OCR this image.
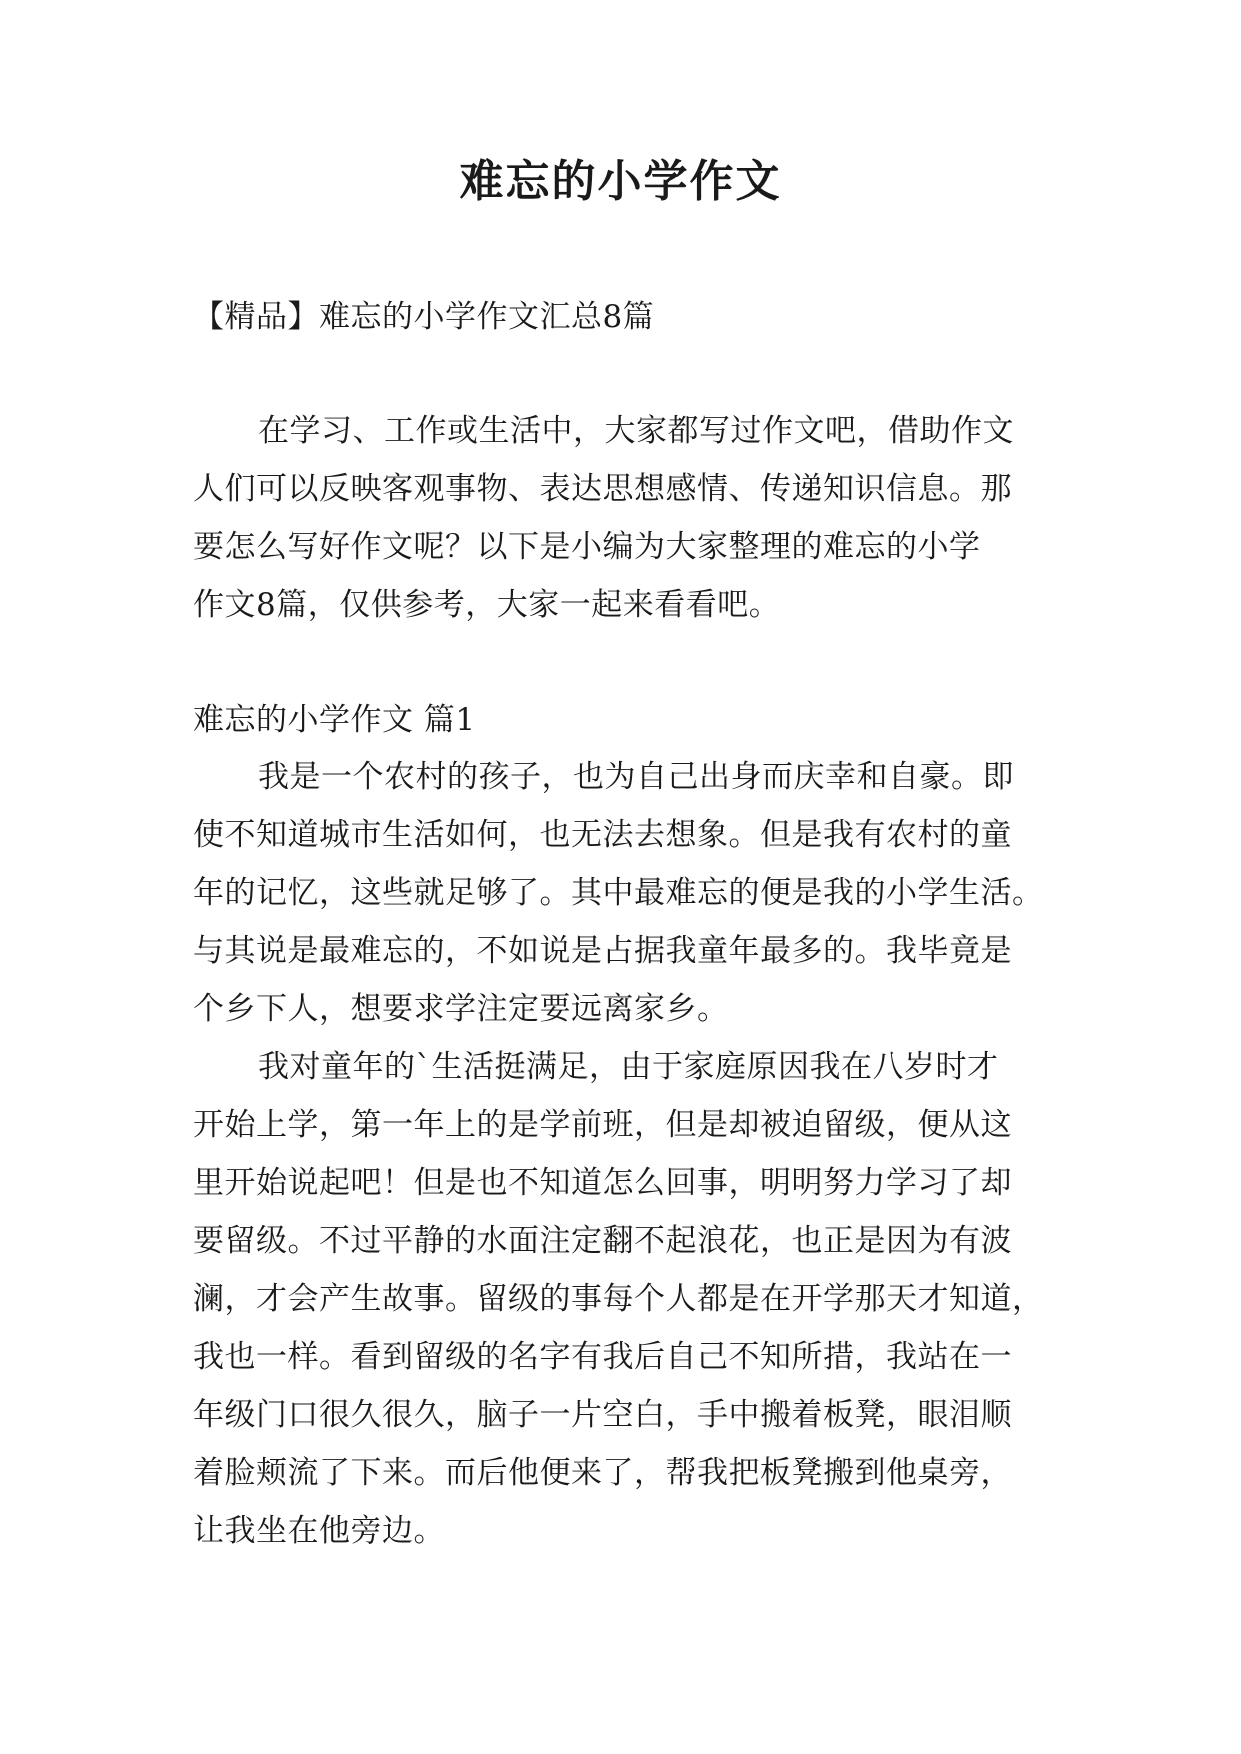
难忘的小学作文

【精品】难忘的小学作文汇总8篇

在学习、工作或生活中，大家都写过作文吧，借助作文

人们可以反映客观事物、表达思想感情、传递知识信息。那

要怎么写好作文呢？以下是小编为大家整理的难忘的小学

作文8篇，仅供参考，大家一起来看看吧。

难忘的小学作文 篇1

我是一个农村的孩子，也为自己出身而庆幸和自豪。即

使不知道城市生活如何，也无法去想象。但是我有农村的童

年的记忆，这些就足够了。其中最难忘的便是我的小学生活。

与其说是最难忘的，不如说是占据我童年最多的。我毕竟是

个乡下人，想要求学注定要远离家乡。

我对童年的`生活挺满足，由于家庭原因我在八岁时才

开始上学，第一年上的是学前班，但是却被迫留级，便从这

里开始说起吧！但是也不知道怎么回事，明明努力学习了却

要留级。不过平静的水面注定翻不起浪花，也正是因为有波

澜，才会产生故事。留级的事每个人都是在开学那天才知道，

我也一样。看到留级的名字有我后自己不知所措，我站在一

年级门口很久很久，脑子一片空白，手中搬着板凳，眼泪顺

着脸颊流了下来。而后他便来了，帮我把板凳搬到他桌旁，

让我坐在他旁边。
